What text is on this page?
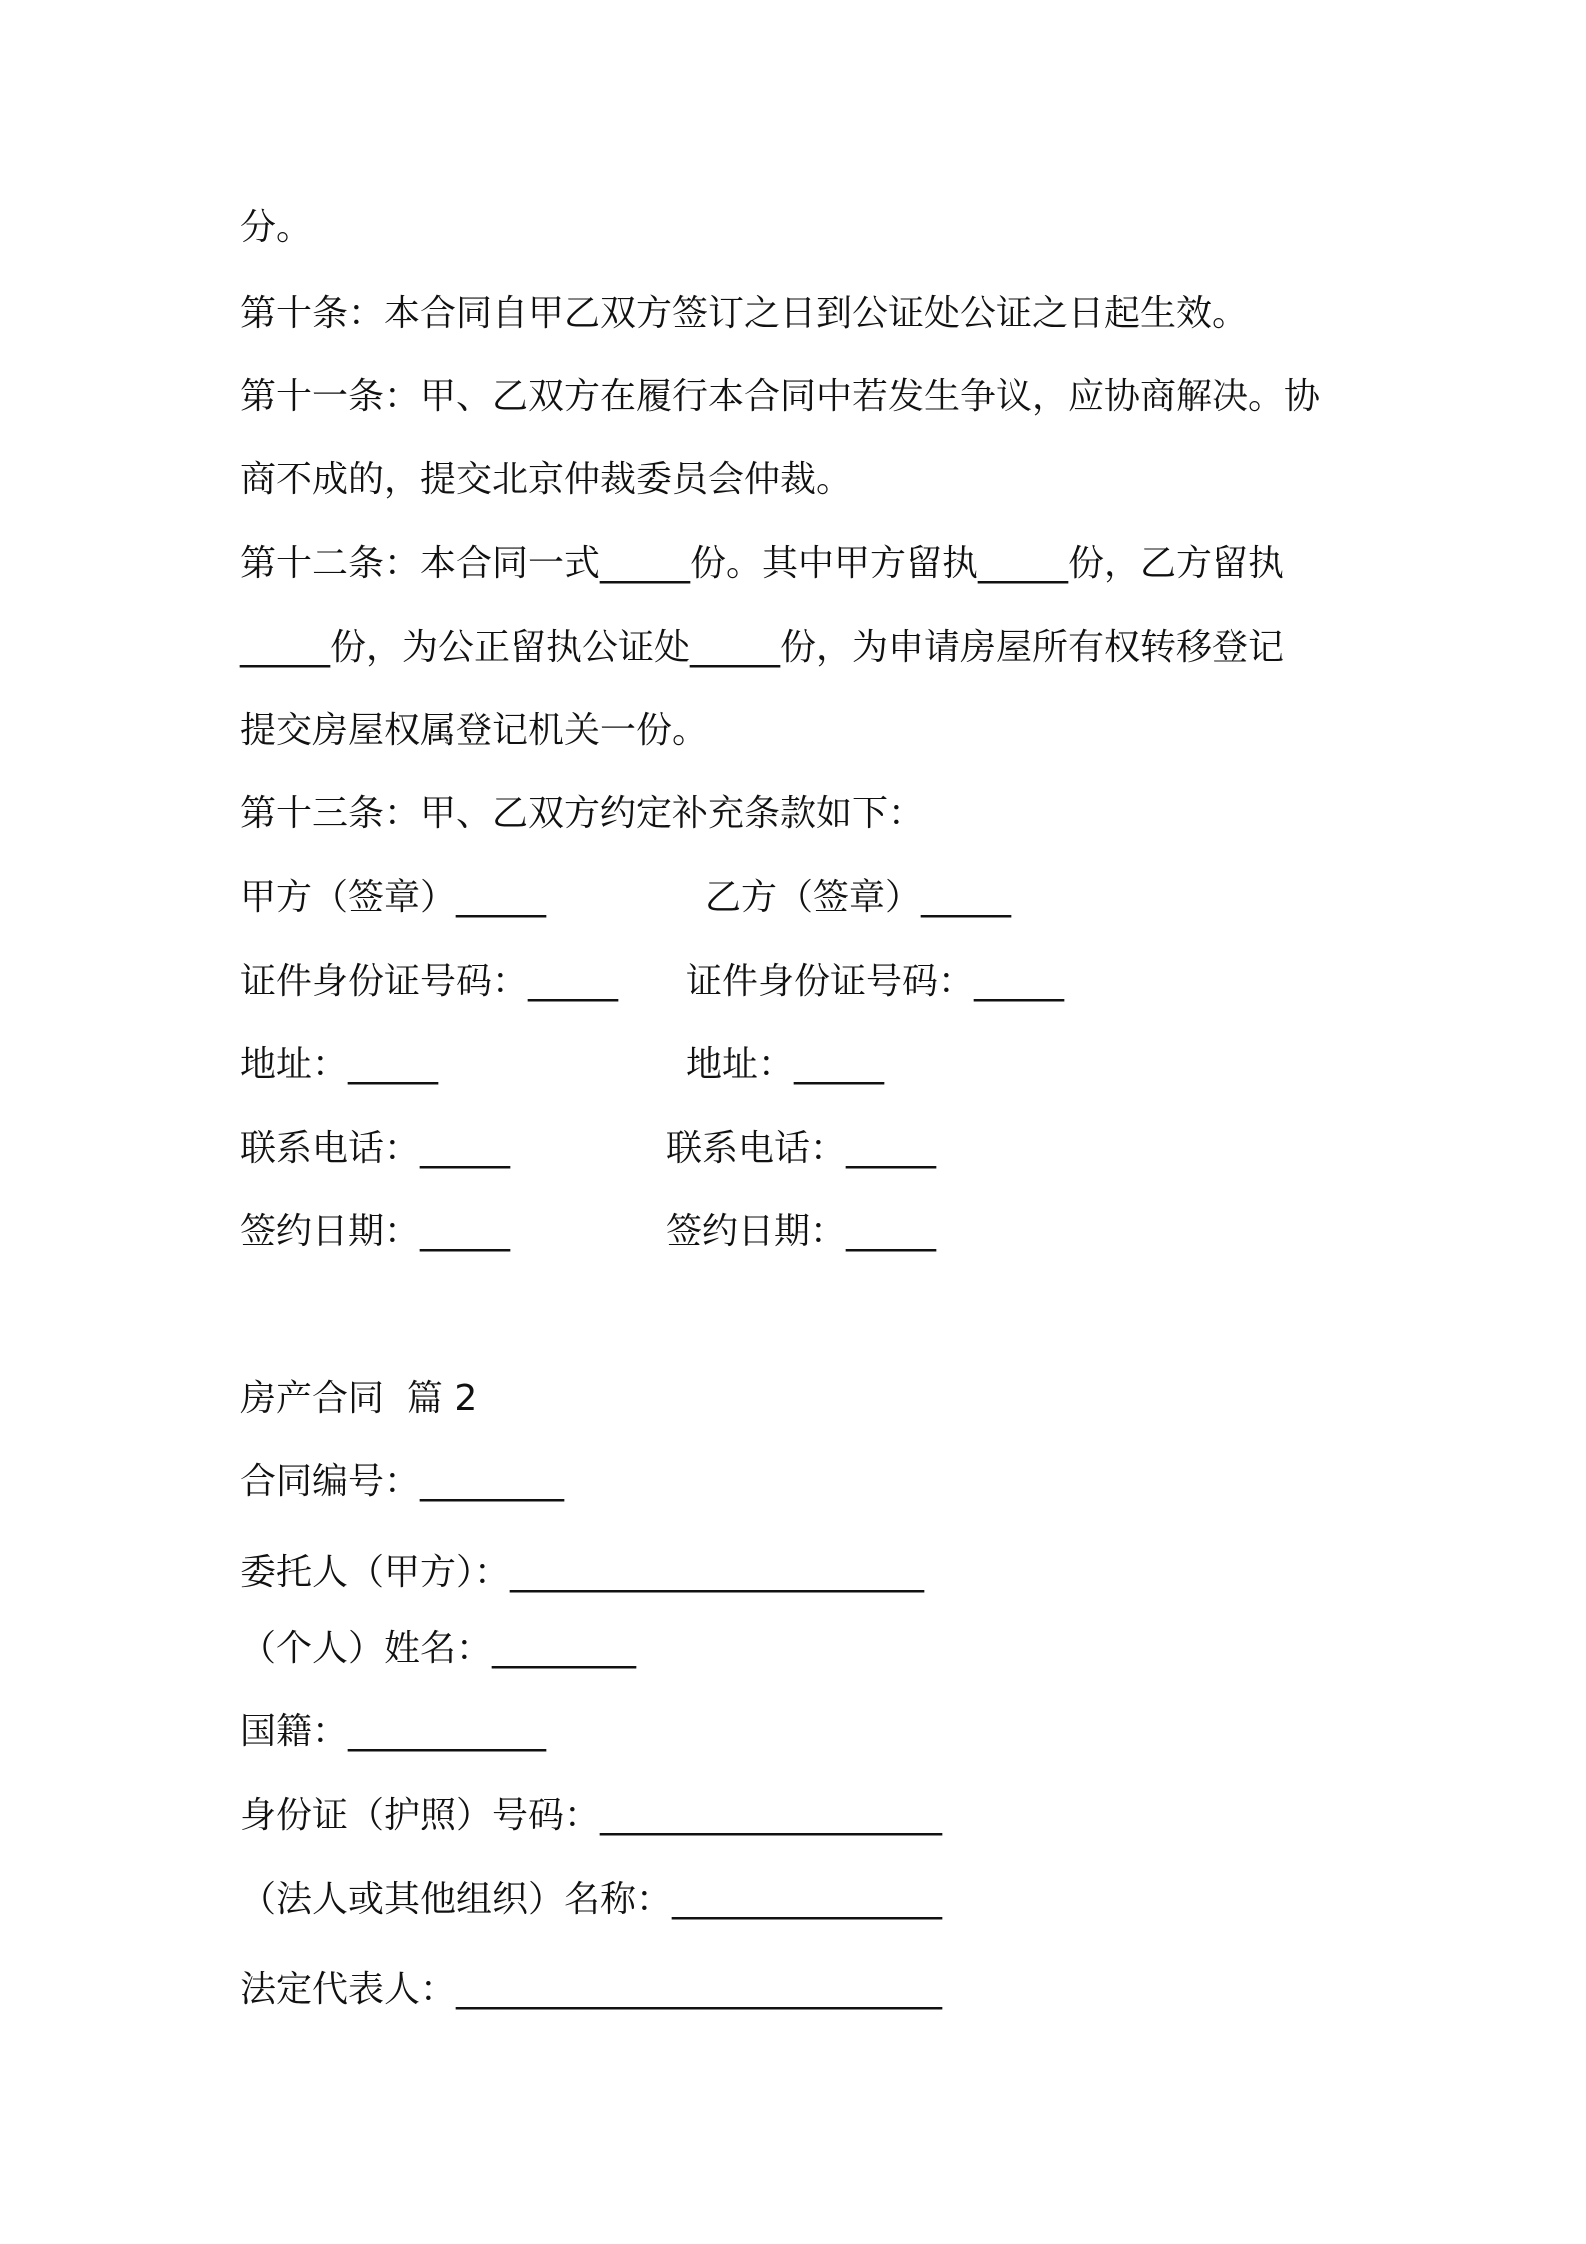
分。
第十条：本合同自甲乙双方签订之日到公证处公证之日起生效。
第十一条：甲、乙双方在履行本合同中若发生争议，应协商解决。协
商不成的，提交北京仲裁委员会仲裁。
第十二条：本合同一式_____份。其中甲方留执_____份，乙方留执
_____份，为公正留执公证处_____份，为申请房屋所有权转移登记
提交房屋权属登记机关一份。
第十三条：甲、乙双方约定补充条款如下：
甲方（签章）_____	乙方（签章）_____
证件身份证号码：_____ 证件身份证号码：_____
地址：_____	地址：_____
联系电话：_____	联系电话：_____
签约日期：_____	签约日期：_____
房产合同  篇 2
合同编号：________
委托人（甲方）：_______________________
（个人）姓名：________
国籍：___________
身份证（护照）号码：___________________
（法人或其他组织）名称：_______________
法定代表人：___________________________
